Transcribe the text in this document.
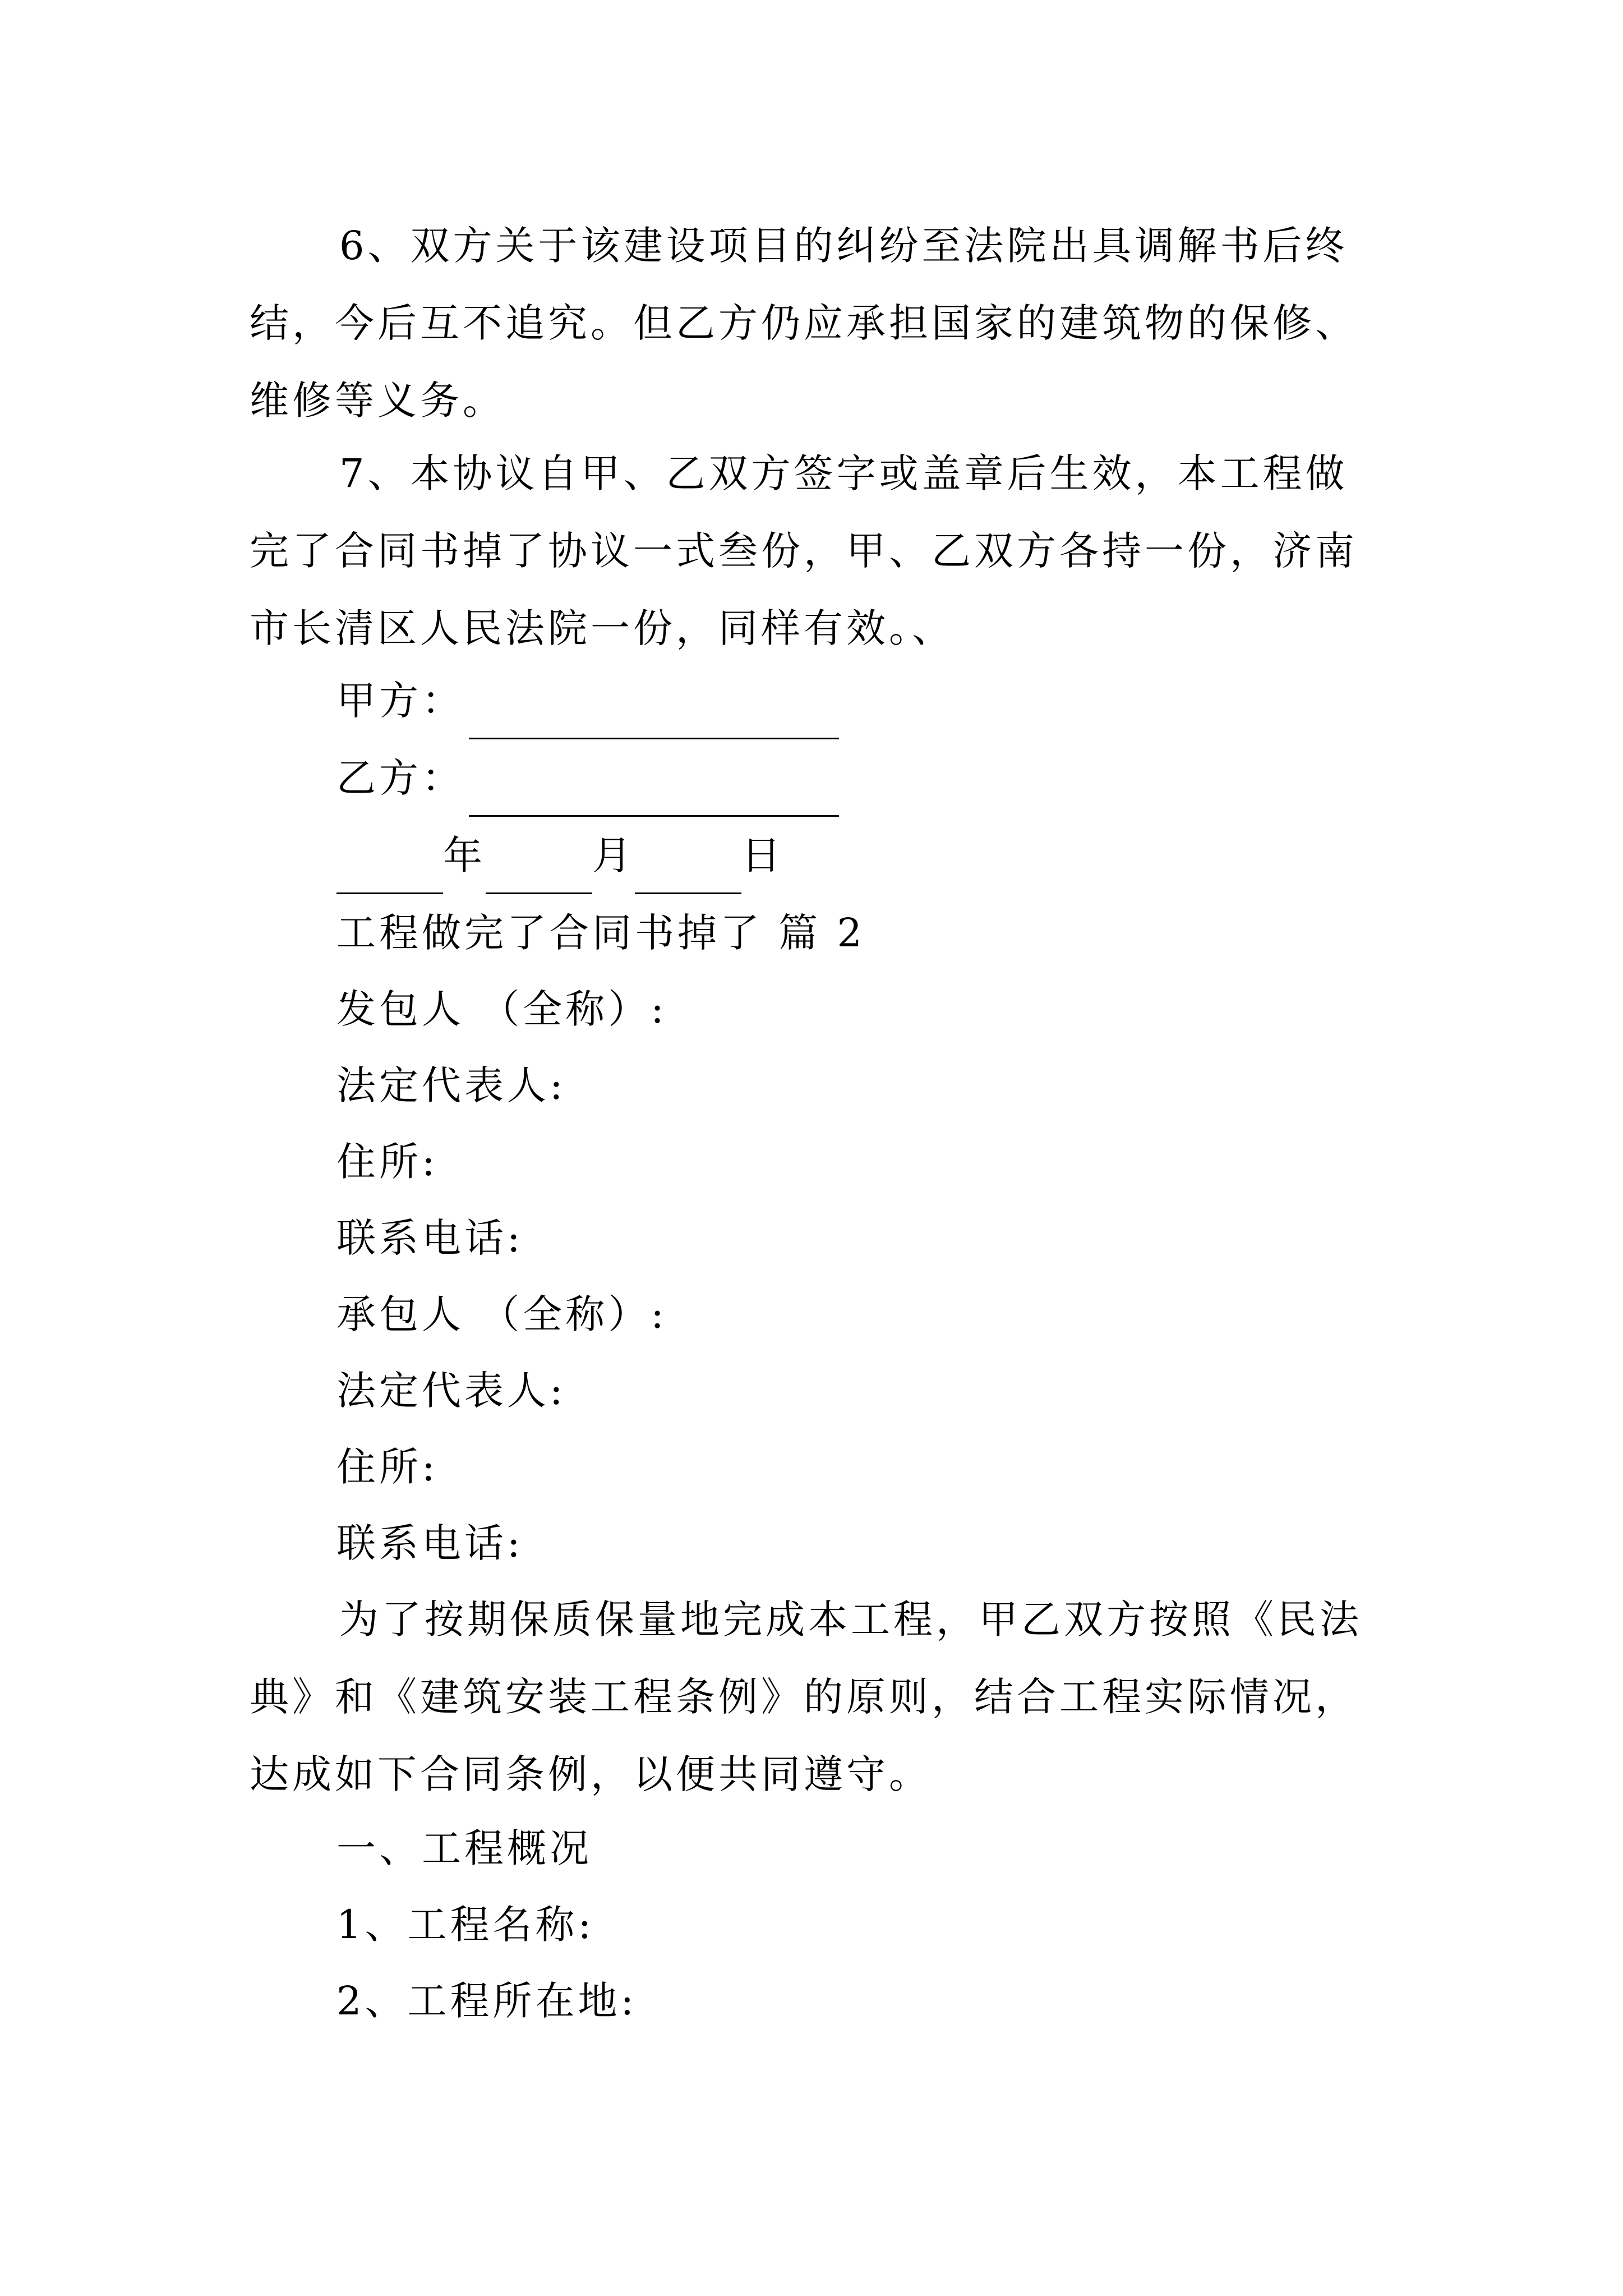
6、双方关于该建设项目的纠纷至法院出具调解书后终结，今后互不追究。但乙方仍应承担国家的建筑物的保修、维修等义务。
7、本协议自甲、乙双方签字或盖章后生效，本工程做完了合同书掉了协议一式叁份，甲、乙双方各持一份，济南市长清区人民法院一份，同样有效。、
甲方：
乙方：
年	月	日
工程做完了合同书掉了 篇 2
发包人 （全称）:
法定代表人:
住所:
联系电话:
承包人 （全称）:
法定代表人:
住所:
联系电话:
为了按期保质保量地完成本工程，甲乙双方按照《民法典》和《建筑安装工程条例》的原则，结合工程实际情况，达成如下合同条例，以便共同遵守。
一、工程概况
1、工程名称:
2、工程所在地:
